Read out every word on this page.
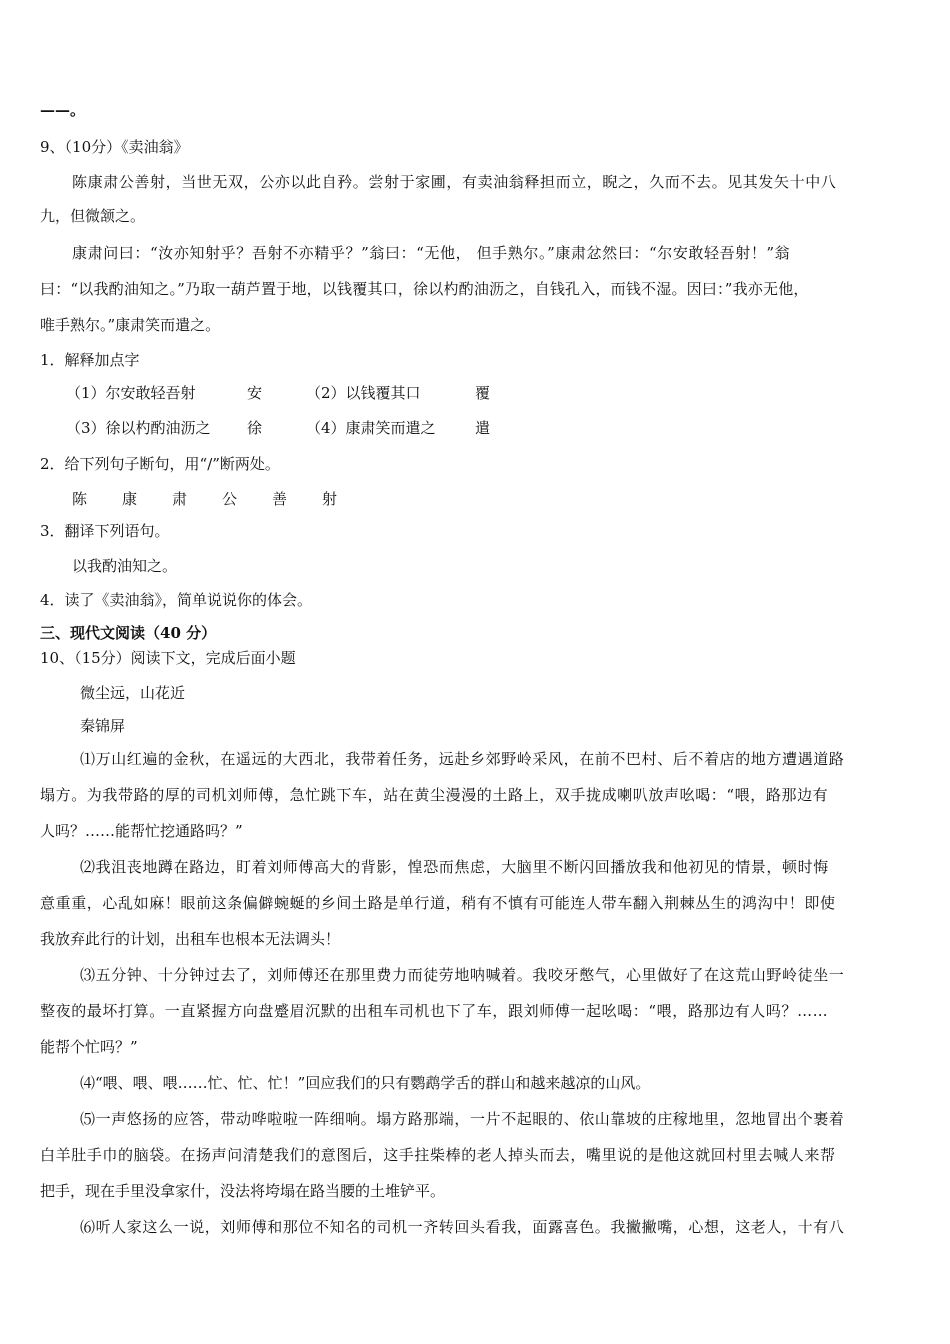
——。
9、（10分）《卖油翁》
陈康肃公善射，当世无双，公亦以此自矜。尝射于家圃，有卖油翁释担而立，睨之，久而不去。见其发矢十中八
九，但微颔之。
康肃问曰：“汝亦知射乎？吾射不亦精乎？”翁曰：“无他， 但手熟尔。”康肃忿然曰：“尔安敢轻吾射！”翁
曰：“以我酌油知之。”乃取一葫芦置于地，以钱覆其口，徐以杓酌油沥之，自钱孔入，而钱不湿。因曰：”我亦无他，
唯手熟尔。”康肃笑而遣之。
1．解释加点字
（1）尔安敢轻吾射	安	（2）以钱覆其口	覆
（3）徐以杓酌油沥之 徐	（4）康肃笑而遣之	遣
2．给下列句子断句，用“/”断两处。
陈 康 肃 公 善 射
3．翻译下列语句。
以我酌油知之。
4．读了《卖油翁》，简单说说你的体会。
三、现代文阅读（40 分）
10、（15分）阅读下文，完成后面小题
微尘远，山花近
秦锦屏
⑴万山红遍的金秋，在遥远的大西北，我带着任务，远赴乡郊野岭采风，在前不巴村、后不着店的地方遭遇道路
塌方。为我带路的厚的司机刘师傅，急忙跳下车，站在黄尘漫漫的土路上，双手拢成喇叭放声吆喝：“喂，路那边有
人吗？……能帮忙挖通路吗？”
⑵我沮丧地蹲在路边，盯着刘师傅高大的背影，惶恐而焦虑，大脑里不断闪回播放我和他初见的情景，顿时悔
意重重，心乱如麻！眼前这条偏僻蜿蜒的乡间土路是单行道，稍有不慎有可能连人带车翻入荆棘丛生的鸿沟中！即使
我放弃此行的计划，出租车也根本无法调头！
⑶五分钟、十分钟过去了，刘师傅还在那里费力而徒劳地呐喊着。我咬牙憋气，心里做好了在这荒山野岭徒坐一
整夜的最坏打算。一直紧握方向盘蹙眉沉默的出租车司机也下了车，跟刘师傅一起吆喝：“喂，路那边有人吗？……
能帮个忙吗？”
⑷“喂、喂、喂……忙、忙、忙！”回应我们的只有鹦鹉学舌的群山和越来越凉的山风。
⑸一声悠扬的应答，带动哗啦啦一阵细响。塌方路那端，一片不起眼的、依山靠坡的庄稼地里，忽地冒出个裹着
白羊肚手巾的脑袋。在扬声问清楚我们的意图后，这手拄柴棒的老人掉头而去，嘴里说的是他这就回村里去喊人来帮
把手，现在手里没拿家什，没法将垮塌在路当腰的土堆铲平。
⑹听人家这么一说，刘师傅和那位不知名的司机一齐转回头看我，面露喜色。我撇撇嘴，心想，这老人，十有八
